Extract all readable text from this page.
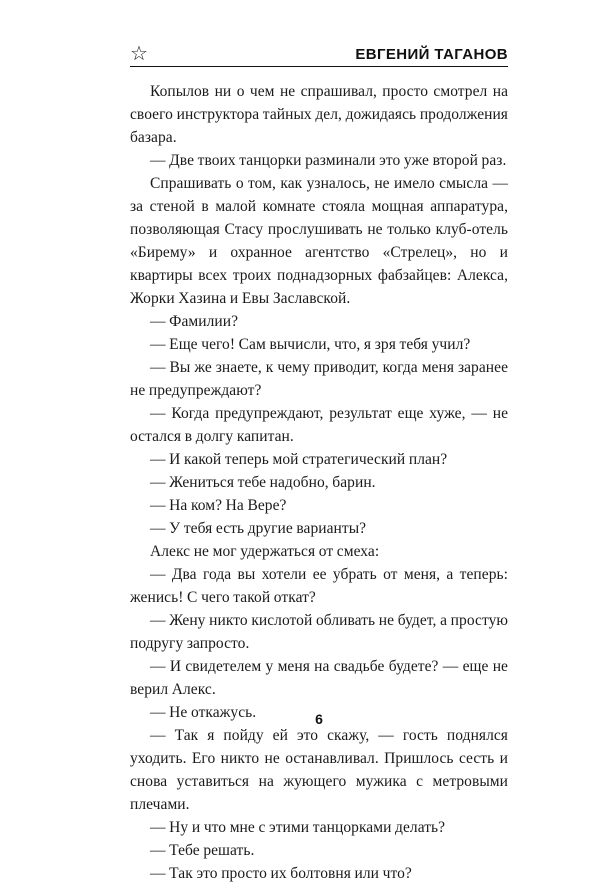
☆	ЕВГЕНИЙ ТАГАНОВ

Копылов ни о чем не спрашивал, просто смотрел на своего инструктора тайных дел, дожидаясь продолжения базара.

— Две твоих танцорки разминали это уже второй раз.

Спрашивать о том, как узналось, не имело смысла — за стеной в малой комнате стояла мощная аппаратура, позволяющая Стасу прослушивать не только клуб-отель «Бирему» и охранное агентство «Стрелец», но и квартиры всех троих поднадзорных фабзайцев: Алекса, Жорки Хазина и Евы Заславской.

— Фамилии?

— Еще чего! Сам вычисли, что, я зря тебя учил?

— Вы же знаете, к чему приводит, когда меня заранее не предупреждают?

— Когда предупреждают, результат еще хуже, — не остался в долгу капитан.

— И какой теперь мой стратегический план?

— Жениться тебе надобно, барин.

— На ком? На Вере?

— У тебя есть другие варианты?

Алекс не мог удержаться от смеха:

— Два года вы хотели ее убрать от меня, а теперь: женись! С чего такой откат?

— Жену никто кислотой обливать не будет, а простую подругу запросто.

— И свидетелем у меня на свадьбе будете? — еще не верил Алекс.

— Не откажусь.

— Так я пойду ей это скажу, — гость поднялся уходить. Его никто не останавливал. Пришлось сесть и снова уставиться на жующего мужика с метровыми плечами.

— Ну и что мне с этими танцорками делать?

— Тебе решать.

— Так это просто их болтовня или что?

6
